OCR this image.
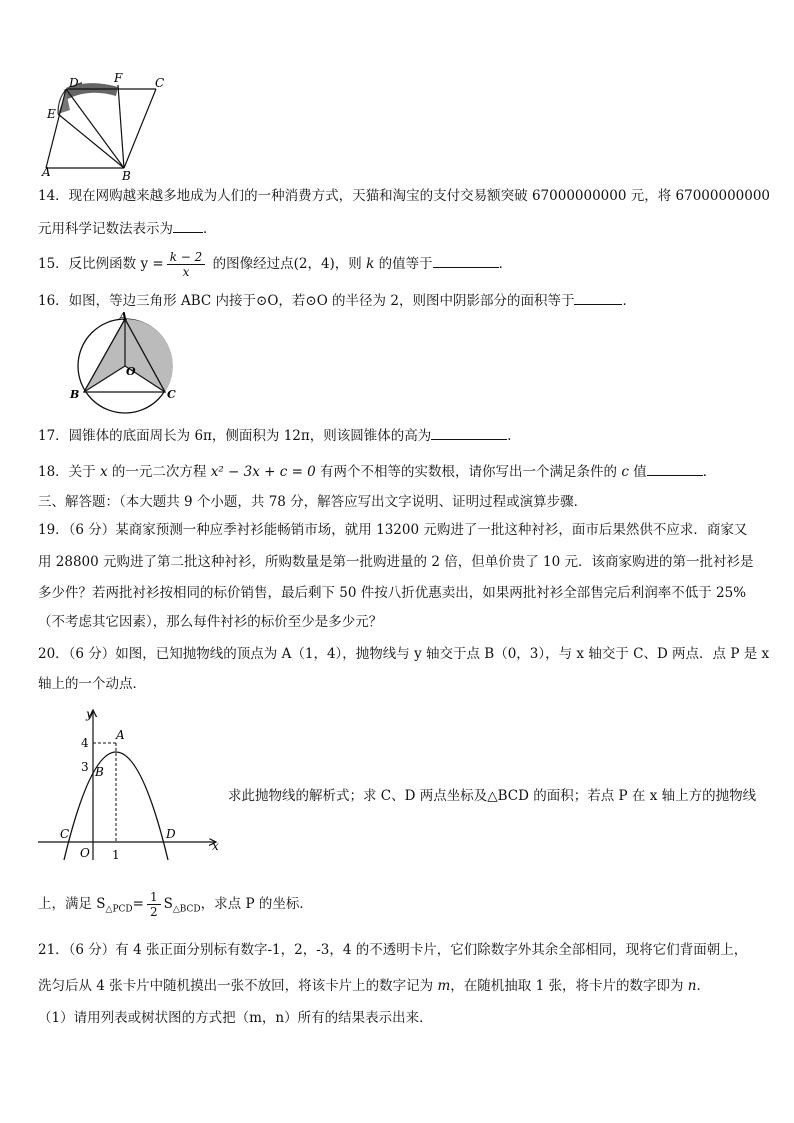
A	B
C
D
E
F
14．现在网购越来越多地成为人们的一种消费方式，天猫和淘宝的支付交易额突破 67000000000 元，将 67000000000
元用科学记数法表示为 ．
15．反比例函数 $y = \frac{k - 2}{x}$ 的图像经过点(2，4)，则 k 的值等于	．
16．如图，等边三角形 ABC 内接于⊙O，若⊙O 的半径为 2，则图中阴影部分的面积等于	．
A
B	C
O
17．圆锥体的底面周长为 6π，侧面积为 12π，则该圆锥体的高为	．
18．关于 x 的一元二次方程 x² − 3x + c = 0 有两个不相等的实数根，请你写出一个满足条件的 c 值	．
三、解答题：（本大题共 9 个小题，共 78 分，解答应写出文字说明、证明过程或演算步骤．
19．（6 分）某商家预测一种应季衬衫能畅销市场，就用 13200 元购进了一批这种衬衫，面市后果然供不应求．商家又
用 28800 元购进了第二批这种衬衫，所购数量是第一批购进量的 2 倍，但单价贵了 10 元．该商家购进的第一批衬衫是
多少件？若两批衬衫按相同的标价销售，最后剩下 50 件按八折优惠卖出，如果两批衬衫全部售完后利润率不低于 25%
（不考虑其它因素），那么每件衬衫的标价至少是多少元？
20．（6 分）如图，已知抛物线的顶点为 A（1，4），抛物线与 y 轴交于点 B（0，3），与 x 轴交于 C、D 两点．点 P 是 x
轴上的一个动点．
y
x
A
B
C	D
O
4
3
1
求此抛物线的解析式；求 C、D 两点坐标及△BCD 的面积；若点 P 在 x 轴上方的抛物线
上，满足 $S_{\triangle PCD}= \frac{1}{2} S_{\triangle BCD}$，求点 P 的坐标．
21．（6 分）有 4 张正面分别标有数字-1，2，-3，4 的不透明卡片，它们除数字外其余全部相同，现将它们背面朝上，
洗匀后从 4 张卡片中随机摸出一张不放回，将该卡片上的数字记为 m，在随机抽取 1 张，将卡片的数字即为 n．
（1）请用列表或树状图的方式把（m，n）所有的结果表示出来．
